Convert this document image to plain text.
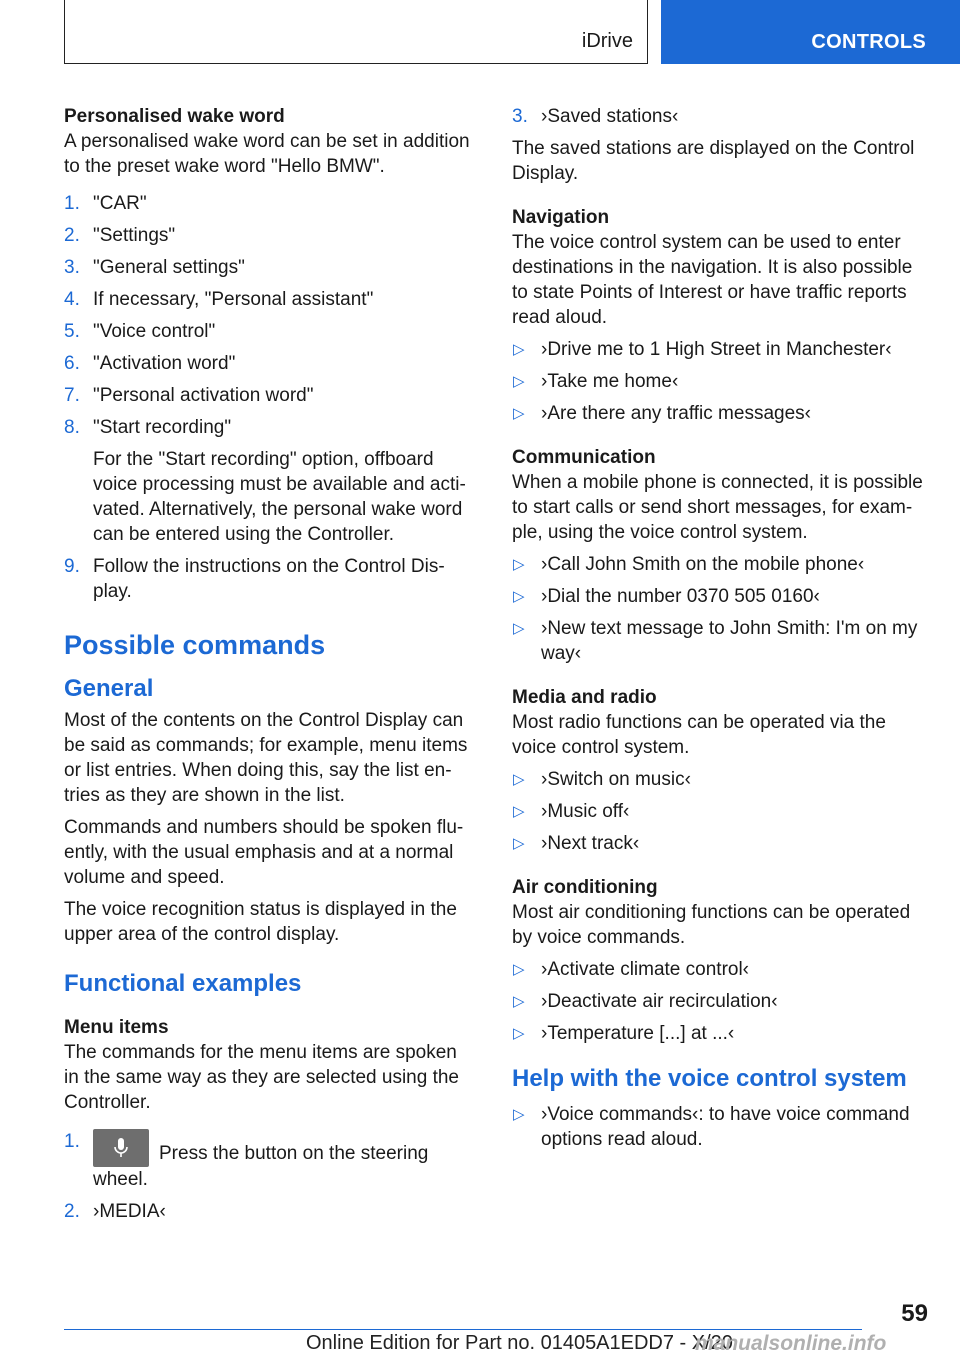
iDrive	CONTROLS

Personalised wake word

A personalised wake word can be set in addition to the preset wake word "Hello BMW".

1. "CAR"
2. "Settings"
3. "General settings"
4. If necessary, "Personal assistant"
5. "Voice control"
6. "Activation word"
7. "Personal activation word"
8. "Start recording"
For the "Start recording" option, offboard voice processing must be available and activated. Alternatively, the personal wake word can be entered using the Controller.
9. Follow the instructions on the Control Display.
Possible commands
General

Most of the contents on the Control Display can be said as commands; for example, menu items or list entries. When doing this, say the list entries as they are shown in the list.

Commands and numbers should be spoken fluently, with the usual emphasis and at a normal volume and speed.

The voice recognition status is displayed in the upper area of the control display.

Functional examples

Menu items

The commands for the menu items are spoken in the same way as they are selected using the Controller.

1.
Press the button on the steering wheel.
2. ›MEDIA‹
3. ›Saved stations‹

The saved stations are displayed on the Control Display.

Navigation

The voice control system can be used to enter destinations in the navigation. It is also possible to state Points of Interest or have traffic reports read aloud.

▷ ›Drive me to 1 High Street in Manchester‹
▷ ›Take me home‹
▷ ›Are there any traffic messages‹

Communication

When a mobile phone is connected, it is possible to start calls or send short messages, for example, using the voice control system.

▷ ›Call John Smith on the mobile phone‹
▷ ›Dial the number 0370 505 0160‹
▷ ›New text message to John Smith: I'm on my way‹

Media and radio

Most radio functions can be operated via the voice control system.

▷ ›Switch on music‹
▷ ›Music off‹
▷ ›Next track‹

Air conditioning

Most air conditioning functions can be operated by voice commands.

▷ ›Activate climate control‹
▷ ›Deactivate air recirculation‹
▷ ›Temperature [...] at ...‹
Help with the voice control system
▷ ›Voice commands‹: to have voice command options read aloud.
59
Online Edition for Part no. 01405A1EDD7 - X/20
manualsonline.info
